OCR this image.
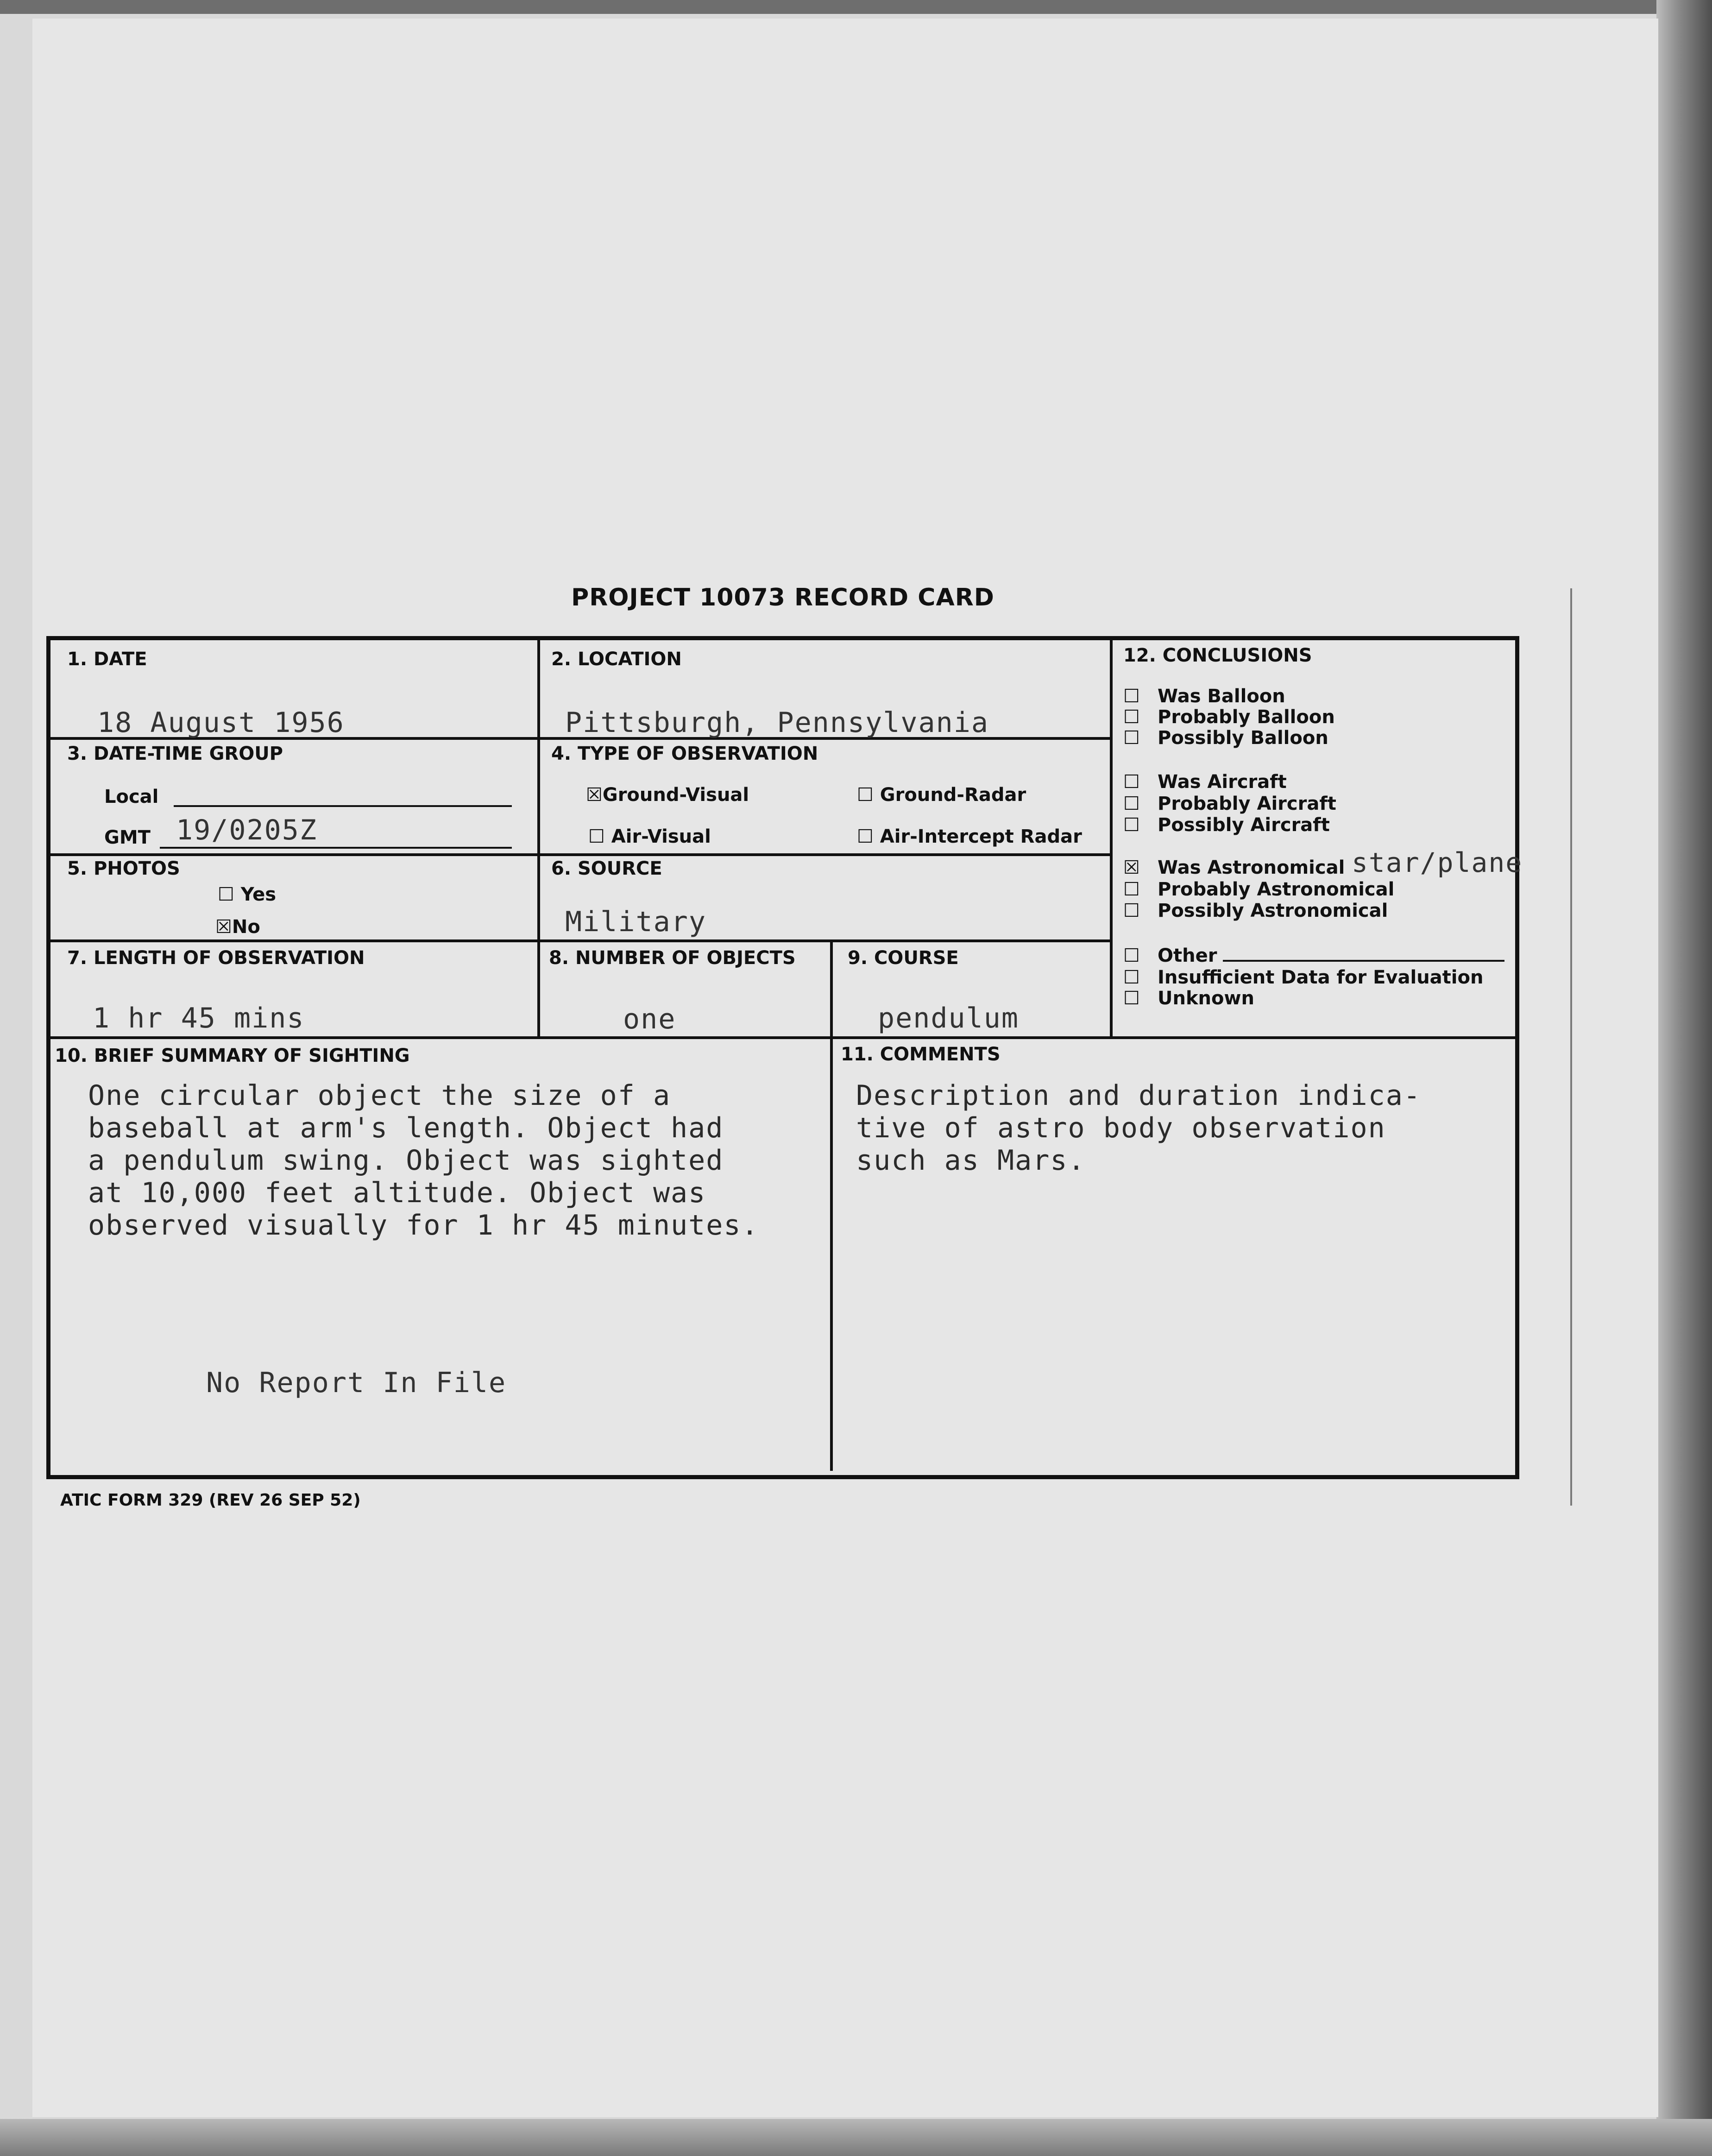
PROJECT 10073 RECORD CARD
1. DATE
18 August 1956
2. LOCATION
Pittsburgh, Pennsylvania
3. DATE-TIME GROUP
Local
GMT 19/0205Z
4. TYPE OF OBSERVATION
☒Ground-Visual	☐ Ground-Radar
☐ Air-Visual	☐ Air-Intercept Radar
5. PHOTOS
☐ Yes
☒No
6. SOURCE
Military
7. LENGTH OF OBSERVATION
1 hr 45 mins
8. NUMBER OF OBJECTS
one
9. COURSE
pendulum
10. BRIEF SUMMARY OF SIGHTING
One circular object the size of a
baseball at arm's length. Object had
a pendulum swing. Object was sighted
at 10,000 feet altitude. Object was
observed visually for 1 hr 45 minutes.
No Report In File
11. COMMENTS
Description and duration indica-
tive of astro body observation
such as Mars.
12. CONCLUSIONS
☐ Was Balloon
☐ Probably Balloon
☐ Possibly Balloon
☐ Was Aircraft
☐ Probably Aircraft
☐ Possibly Aircraft
☒ Was Astronomical star/plane
☐ Probably Astronomical
☐ Possibly Astronomical
☐ Other
☐ Insufficient Data for Evaluation
☐ Unknown
ATIC FORM 329 (REV 26 SEP 52)
